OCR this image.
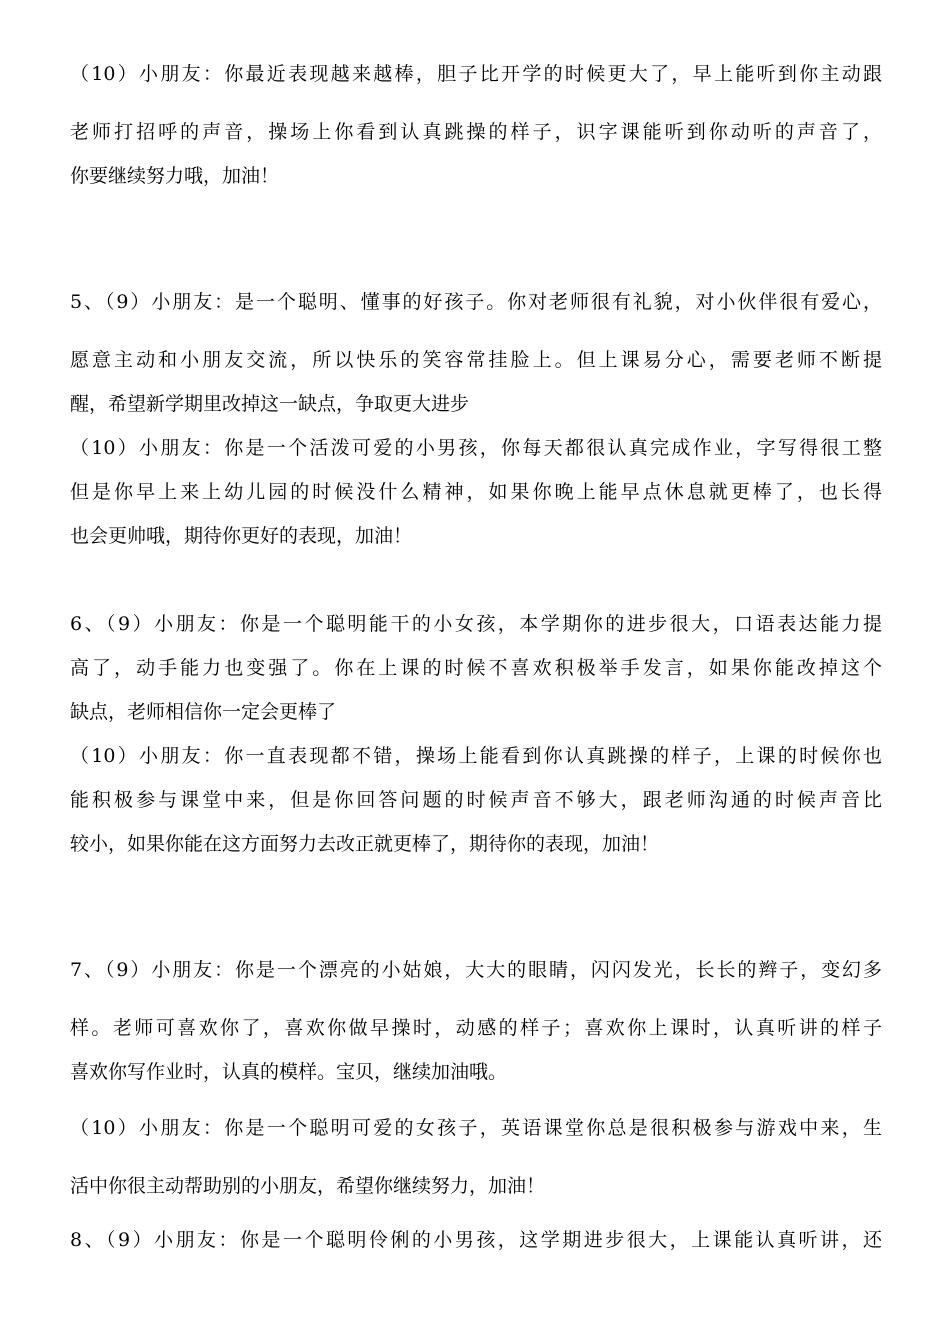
（10）小朋友：你最近表现越来越棒，胆子比开学的时候更大了，早上能听到你主动跟
老师打招呼的声音，操场上你看到认真跳操的样子，识字课能听到你动听的声音了，
你要继续努力哦，加油！
5、（9）小朋友：是一个聪明、懂事的好孩子。你对老师很有礼貌，对小伙伴很有爱心，
愿意主动和小朋友交流，所以快乐的笑容常挂脸上。但上课易分心，需要老师不断提
醒，希望新学期里改掉这一缺点，争取更大进步
（10）小朋友：你是一个活泼可爱的小男孩，你每天都很认真完成作业，字写得很工整
但是你早上来上幼儿园的时候没什么精神，如果你晚上能早点休息就更棒了，也长得
也会更帅哦，期待你更好的表现，加油！
6、（9）小朋友：你是一个聪明能干的小女孩，本学期你的进步很大，口语表达能力提
高了，动手能力也变强了。你在上课的时候不喜欢积极举手发言，如果你能改掉这个
缺点，老师相信你一定会更棒了
（10）小朋友：你一直表现都不错，操场上能看到你认真跳操的样子，上课的时候你也
能积极参与课堂中来，但是你回答问题的时候声音不够大，跟老师沟通的时候声音比
较小，如果你能在这方面努力去改正就更棒了，期待你的表现，加油！
7、（9）小朋友：你是一个漂亮的小姑娘，大大的眼睛，闪闪发光，长长的辫子，变幻多
样。老师可喜欢你了，喜欢你做早操时，动感的样子；喜欢你上课时，认真听讲的样子
喜欢你写作业时，认真的模样。宝贝，继续加油哦。
（10）小朋友：你是一个聪明可爱的女孩子，英语课堂你总是很积极参与游戏中来，生
活中你很主动帮助别的小朋友，希望你继续努力，加油！
8、（9）小朋友：你是一个聪明伶俐的小男孩，这学期进步很大，上课能认真听讲，还
